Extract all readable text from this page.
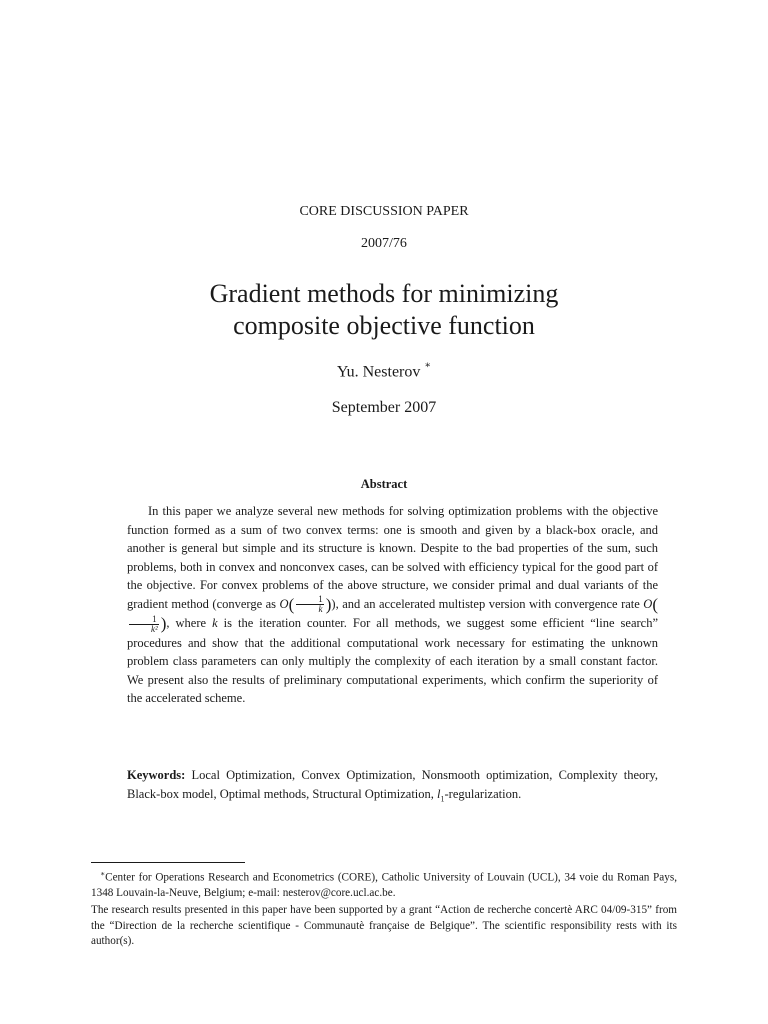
CORE DISCUSSION PAPER
2007/76
Gradient methods for minimizing
composite objective function
Yu. Nesterov ∗
September 2007
Abstract
In this paper we analyze several new methods for solving optimization problems with the objective function formed as a sum of two convex terms: one is smooth and given by a black-box oracle, and another is general but simple and its structure is known. Despite to the bad properties of the sum, such problems, both in convex and nonconvex cases, can be solved with efficiency typical for the good part of the objective. For convex problems of the above structure, we consider primal and dual variants of the gradient method (converge as $O( \frac{1}{k}$ )), and an accelerated multistep version with convergence rate O(
$\frac{1}{\text{k²}}$ ), where k is the iteration counter. For all methods, we suggest some efficient “line search” procedures and show that the additional computational work necessary for estimating the unknown problem class parameters can only multiply the complexity of each iteration by a small constant factor. We present also the results of preliminary computational experiments, which confirm the superiority of the accelerated scheme.
Keywords: Local Optimization, Convex Optimization, Nonsmooth optimization, Complexity theory, Black-box model, Optimal methods, Structural Optimization, $l_1$-regularization.
∗Center for Operations Research and Econometrics (CORE), Catholic University of Louvain (UCL), 34 voie du Roman Pays, 1348 Louvain-la-Neuve, Belgium; e-mail: nesterov@core.ucl.ac.be.
The research results presented in this paper have been supported by a grant “Action de recherche concertè ARC 04/09-315” from the “Direction de la recherche scientifique - Communautè française de Belgique”. The scientific responsibility rests with its author(s).
